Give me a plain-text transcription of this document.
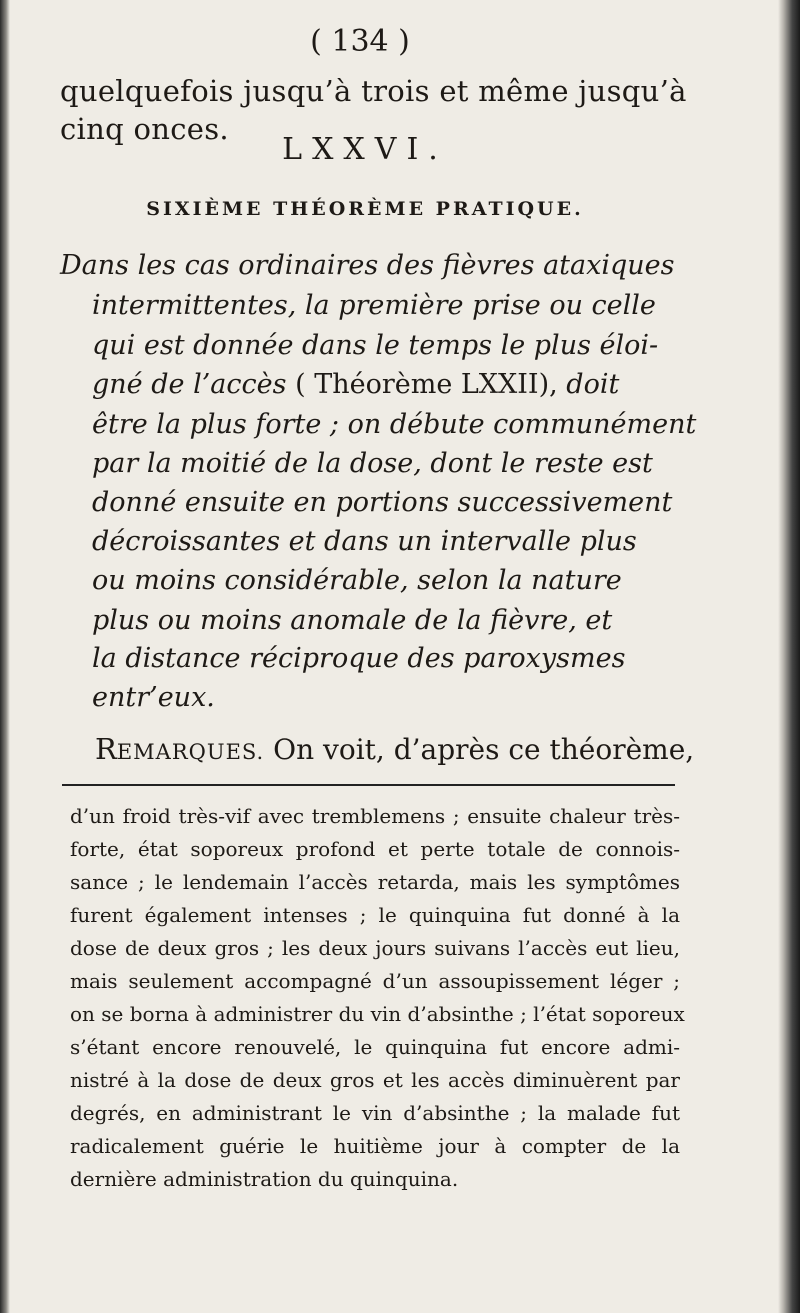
( 134 )
quelquefois jusqu’à trois et même jusqu’à
cinq onces.
LXXVI.
SIXIÈME THÉORÈME PRATIQUE.
Dans les cas ordinaires des fièvres ataxiques
intermittentes, la première prise ou celle
qui est donnée dans le temps le plus éloi-
gné de l’accès ( Théorème LXXII), doit
être la plus forte ; on débute communément
par la moitié de la dose, dont le reste est
donné ensuite en portions successivement
décroissantes et dans un intervalle plus
ou moins considérable, selon la nature
plus ou moins anomale de la fièvre, et
la distance réciproque des paroxysmes
entr’eux.
REMARQUES. On voit, d’après ce théorème,
d’un froid très-vif avec tremblemens ; ensuite chaleur très-
forte, état soporeux profond et perte totale de connois-
sance ; le lendemain l’accès retarda, mais les symptômes
furent également intenses ; le quinquina fut donné à la
dose de deux gros ; les deux jours suivans l’accès eut lieu,
mais seulement accompagné d’un assoupissement léger ;
on se borna à administrer du vin d’absinthe ; l’état soporeux
s’étant encore renouvelé, le quinquina fut encore admi-
nistré à la dose de deux gros et les accès diminuèrent par
degrés, en administrant le vin d’absinthe ; la malade fut
radicalement guérie le huitième jour à compter de la
dernière administration du quinquina.
